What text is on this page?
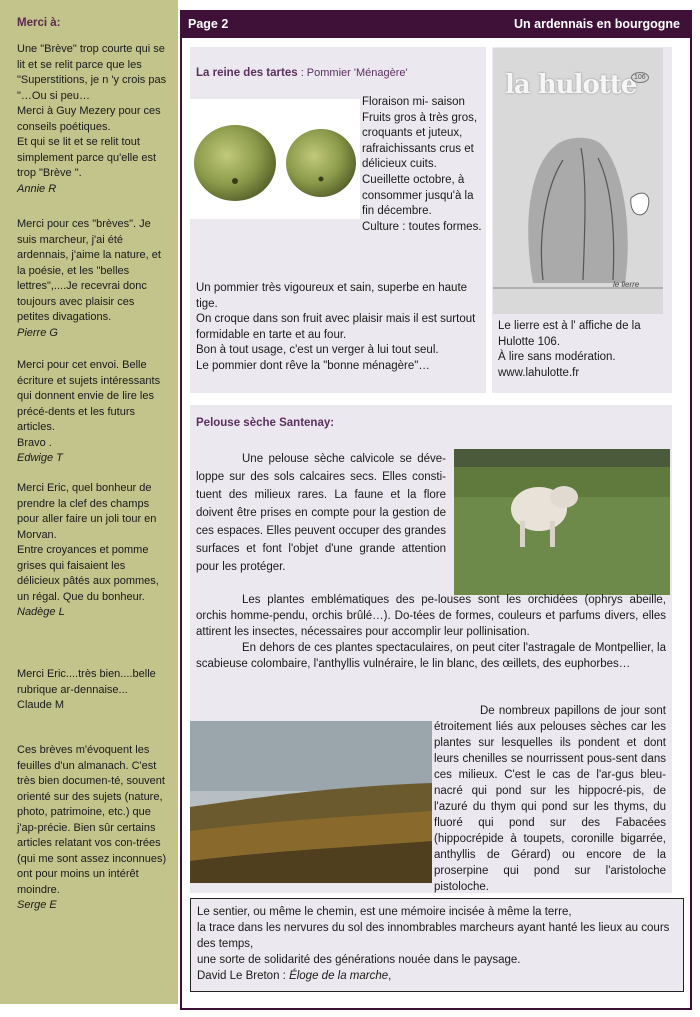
Merci à:
Une "Brève" trop courte qui se lit et se relit parce que les "Superstitions, je n 'y crois pas "…Ou si peu…
Merci à Guy Mezery pour ces conseils poétiques.
Et qui se lit et se relit tout simplement parce qu'elle est trop "Brève ".
Annie R
Merci pour ces "brèves". Je suis marcheur, j'ai été ardennais, j'aime la nature, et la poésie, et les "belles lettres",....Je recevrai donc toujours avec plaisir ces petites divagations.
Pierre G
Merci pour cet envoi. Belle écriture et sujets intéressants qui donnent envie de lire les précé-dents et les futurs articles.
Bravo .
Edwige T
Merci Eric, quel bonheur de prendre la clef des champs pour aller faire un joli tour en Morvan.
Entre croyances et pomme grises qui faisaient les délicieux pâtés aux pommes, un régal. Que du bonheur.
Nadège L
Merci Eric....très bien....belle rubrique ar-dennaise...
Claude M
Ces brèves m'évoquent les feuilles d'un almanach. C'est très bien documen-té, souvent orienté sur des sujets (nature, photo, patrimoine, etc.) que j'ap-précie. Bien sûr certains articles relatant vos con-trées (qui me sont assez inconnues) ont pour moins un intérêt moindre.
Serge E
Page 2	Un ardennais en bourgogne
La reine des tartes : Pommier 'Ménagère'
Floraison mi- saison
Fruits gros à très gros, croquants et juteux, rafraichissants crus et délicieux cuits.
Cueillette octobre, à consommer jusqu'à la fin décembre.
Culture : toutes formes.
Un pommier très vigoureux et sain, superbe en haute tige.
On croque dans son fruit avec plaisir mais il est surtout formidable en tarte et au four.
Bon à tout usage, c'est un verger à lui tout seul.
Le pommier dont rêve la "bonne ménagère"…
la hulotte
106
le lierre
Le lierre est à l' affiche de la Hulotte 106.
À lire sans modération.
www.lahulotte.fr
Pelouse sèche Santenay:
Une pelouse sèche calvicole se déve-loppe sur des sols calcaires secs. Elles consti-tuent des milieux rares. La faune et la flore doivent être prises en compte pour la gestion de ces espaces. Elles peuvent occuper des grandes surfaces et font l'objet d'une grande attention pour les protéger.
Les plantes emblématiques des pe-louses sont les orchidées (ophrys abeille, orchis homme-pendu, orchis brûlé…). Do-tées de formes, couleurs et parfums divers, elles attirent les insectes, nécessaires pour accomplir leur pollinisation.
En dehors de ces plantes spectaculaires, on peut citer l'astragale de Montpellier, la scabieuse colombaire, l'anthyllis vulnéraire, le lin blanc, des œillets, des euphorbes…
De nombreux papillons de jour sont étroitement liés aux pelouses sèches car les plantes sur lesquelles ils pondent et dont leurs chenilles se nourrissent pous-sent dans ces milieux. C'est le cas de l'ar-gus bleu-nacré qui pond sur les hippocré-pis, de l'azuré du thym qui pond sur les thyms, du fluoré qui pond sur des Fabacées (hippocrépide à toupets, coronille bigarrée, anthyllis de Gérard) ou encore de la proserpine qui pond sur l'aristoloche pistoloche.
Le sentier, ou même le chemin, est une mémoire incisée à même la terre,
la trace dans les nervures du sol des innombrables marcheurs ayant hanté les lieux au cours des temps,
une sorte de solidarité des générations nouée dans le paysage.
David Le Breton : Éloge de la marche,
